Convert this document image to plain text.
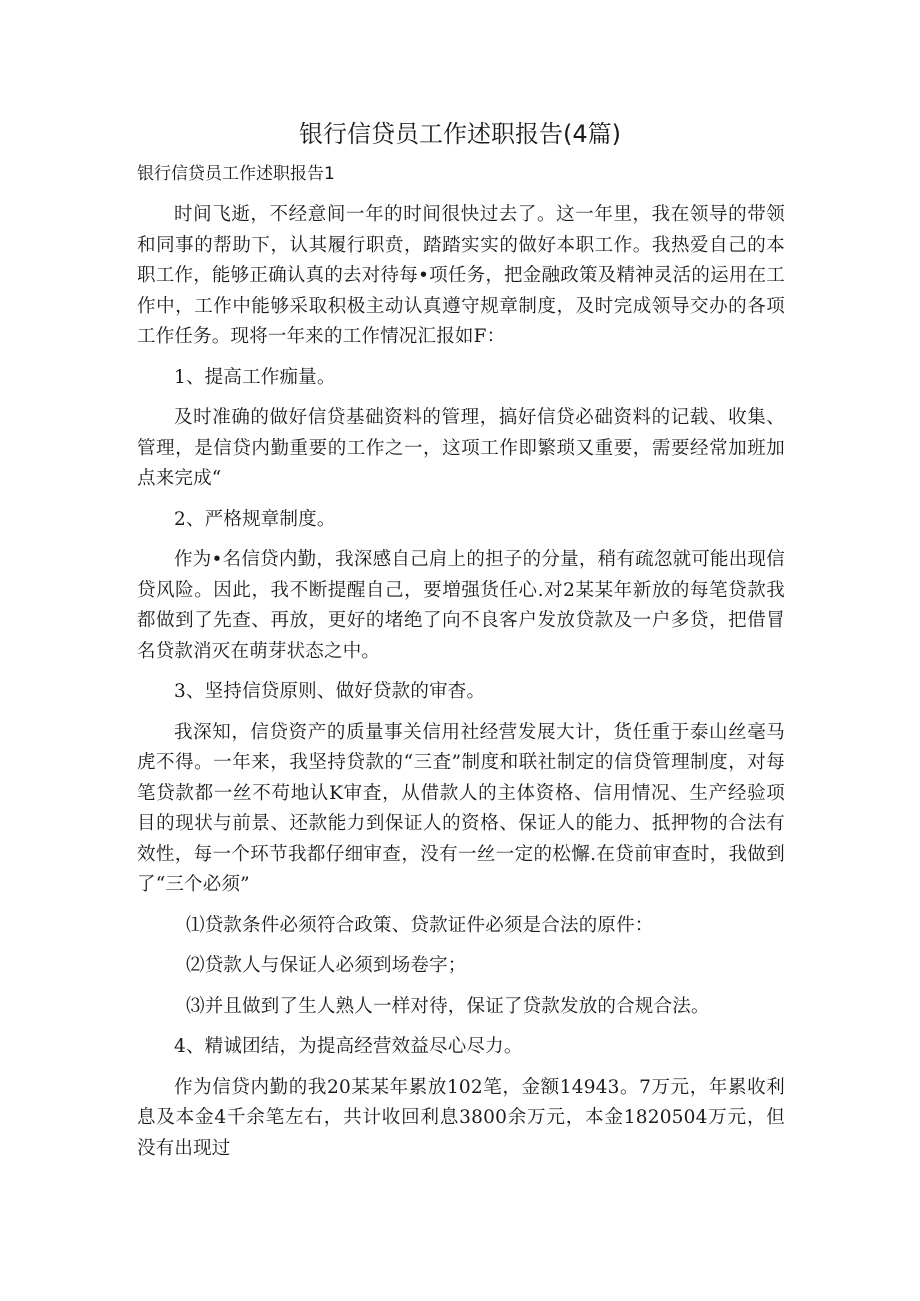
银行信贷员工作述职报告(4篇)

银行信贷员工作述职报告1

时间飞逝，不经意间一年的时间很快过去了。这一年里，我在领导的带领和同事的帮助下，认其履行职贲，踏踏实实的做好本职工作。我热爱自己的本职工作，能够正确认真的去对待每•项任务，把金融政策及精神灵活的运用在工作中，工作中能够采取积极主动认真遵守规章制度，及时完成领导交办的各项工作任务。现将一年来的工作情况汇报如F：

1、提高工作痂量。

及时准确的做好信贷基础资料的管理，搞好信贷必础资料的记载、收集、管理，是信贷内勤重要的工作之一，这项工作即繁琐又重要，需要经常加班加点来完成“

2、严格规章制度。

作为•名信贷内勤，我深感自己肩上的担子的分量，稍有疏忽就可能出现信贷风险。因此，我不断提醒自己，要増强货任心.对2某某年新放的每笔贷款我都做到了先查、再放，更好的堵绝了向不良客户发放贷款及一户多贷，把借冒名贷款消灭在萌芽状态之中。

3、坚持信贷原则、做好贷款的审杳。

我深知，信贷资产的质量事关信用社经营发展大计，货任重于泰山丝毫马虎不得。一年来，我坚持贷款的“三査”制度和联社制定的信贷管理制度，对每笔贷款都一丝不苟地认K审査，从借款人的主体资格、信用情况、生产经验项目的现状与前景、还款能力到保证人的资格、保证人的能力、抵押物的合法有效性，每一个环节我都仔细审查，没有一丝一定的松懈.在贷前审查时，我做到了“三个必须”

⑴贷款条件必须符合政策、贷款证件必须是合法的原件：

⑵贷款人与保证人必须到场卷字；

⑶并且做到了生人熟人一样对待，保证了贷款发放的合规合法。

4、精诚团结，为提高经营效益尽心尽力。

作为信贷内勤的我20某某年累放102笔，金额14943。7万元，年累收利息及本金4千余笔左右，共计收回利息3800余万元，本金1820504万元，但没有出现过
